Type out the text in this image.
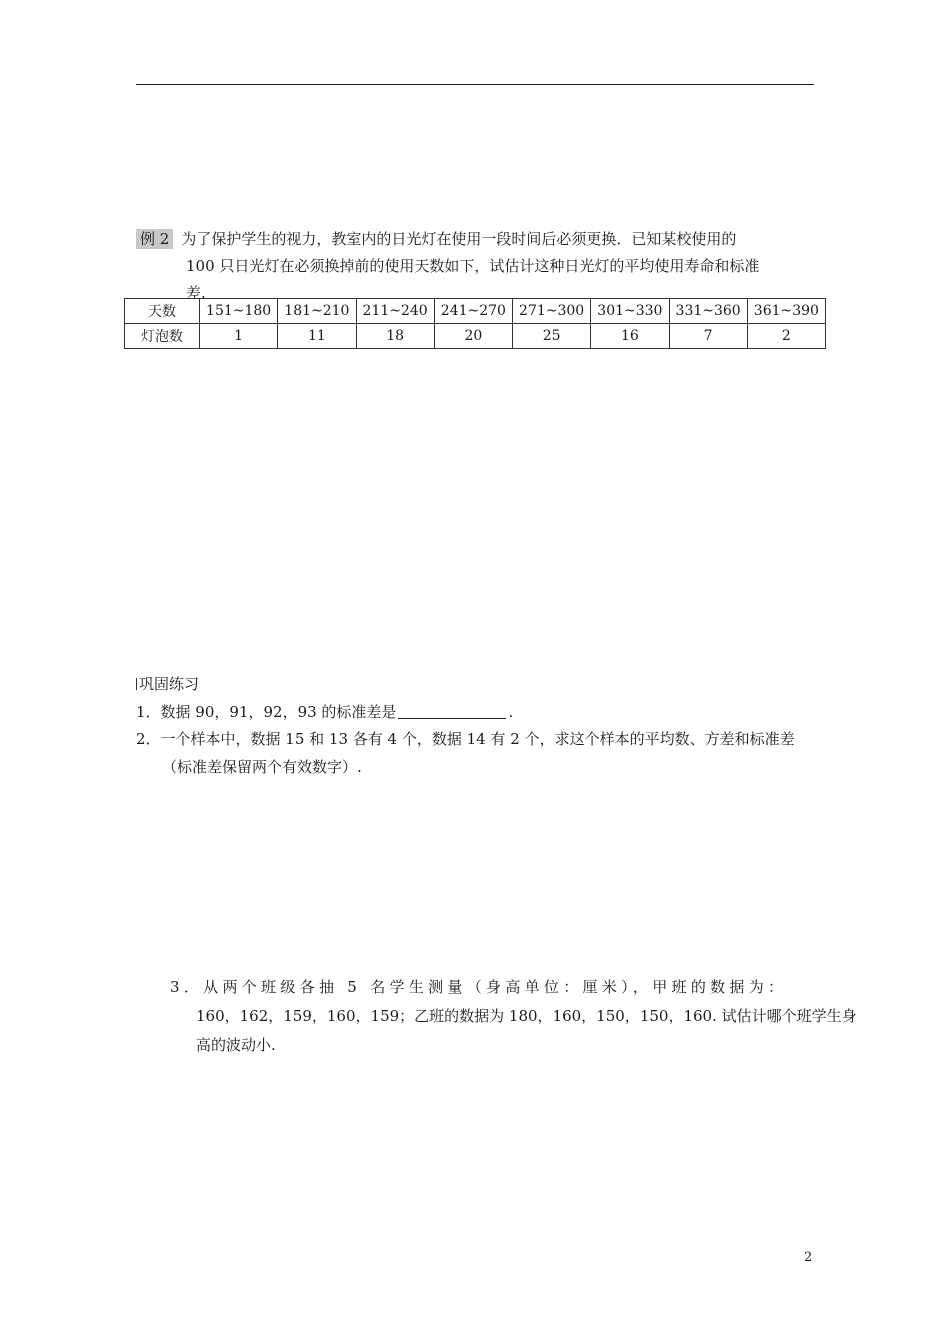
例 2 为了保护学生的视力，教室内的日光灯在使用一段时间后必须更换．已知某校使用的
100 只日光灯在必须换掉前的使用天数如下，试估计这种日光灯的平均使用寿命和标准
差.
天数	151~180	181~210	211~240	241~270	271~300	301~330	331~360	361~390
灯泡数	1	11	18	20	25	16	7	2
巩固练习
1．数据 90，91，92，93 的标准差是	.
2．一个样本中，数据 15 和 13 各有 4 个，数据 14 有 2 个，求这个样本的平均数、方差和标准差
（标准差保留两个有效数字）.
3．从两个班级各抽 5 名学生测量（身高单位：厘米），甲班的数据为：
160，162，159，160，159；乙班的数据为 180，160，150，150，160. 试估计哪个班学生身
高的波动小.
2
